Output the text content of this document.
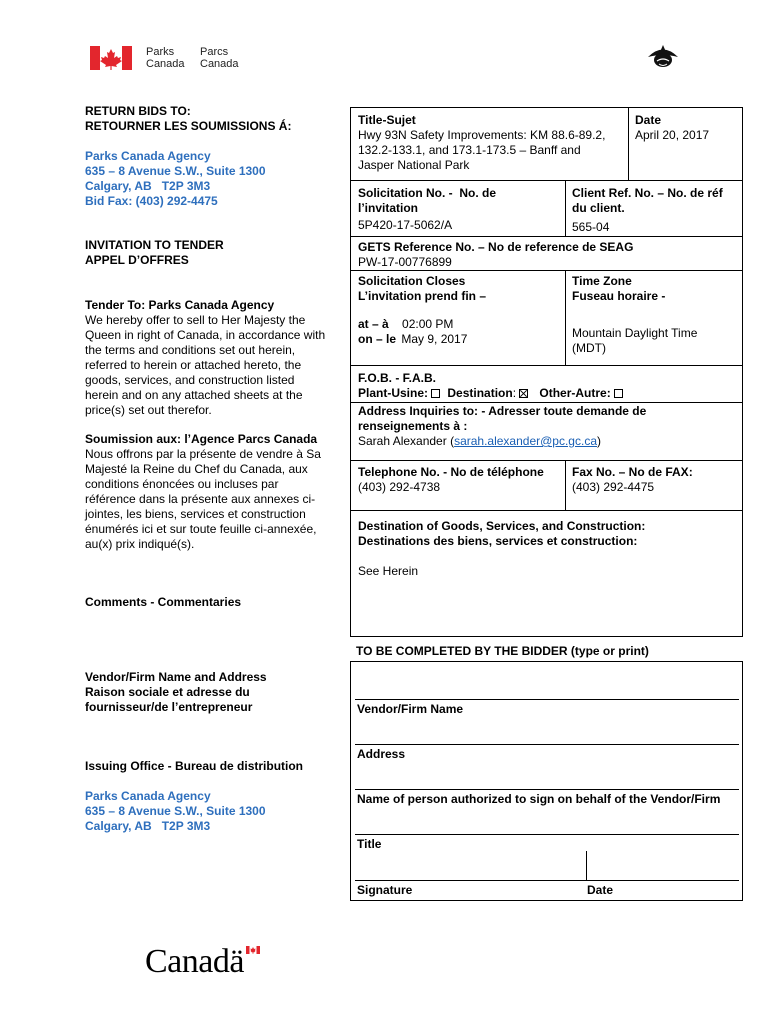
Parks
Canada
Parcs
Canada
RETURN BIDS TO:
RETOURNER LES SOUMISSIONS Á:
Parks Canada Agency
635 – 8 Avenue S.W., Suite 1300
Calgary, AB   T2P 3M3
Bid Fax: (403) 292-4475
INVITATION TO TENDER
APPEL D’OFFRES
Tender To: Parks Canada Agency
We hereby offer to sell to Her Majesty the
Queen in right of Canada, in accordance with
the terms and conditions set out herein,
referred to herein or attached hereto, the
goods, services, and construction listed
herein and on any attached sheets at the
price(s) set out therefor.
Soumission aux: l’Agence Parcs Canada
Nous offrons par la présente de vendre à Sa
Majesté la Reine du Chef du Canada, aux
conditions énoncées ou incluses par
référence dans la présente aux annexes ci-
jointes, les biens, services et construction
énumérés ici et sur toute feuille ci-annexée,
au(x) prix indiqué(s).
Comments - Commentaries
Vendor/Firm Name and Address
Raison sociale et adresse du
fournisseur/de l’entrepreneur
Issuing Office - Bureau de distribution
Parks Canada Agency
635 – 8 Avenue S.W., Suite 1300
Calgary, AB   T2P 3M3
Title-Sujet
Hwy 93N Safety Improvements: KM 88.6-89.2,
132.2-133.1, and 173.1-173.5 – Banff and
Jasper National Park
Date
April 20, 2017
Solicitation No. -  No. de
l’invitation
5P420-17-5062/A
Client Ref. No. – No. de réf
du client.
565-04
GETS Reference No. – No de reference de SEAG
PW-17-00776899
Solicitation Closes
L’invitation prend fin –
at – à 02:00 PM
on – le May 9, 2017
Time Zone
Fuseau horaire -
Mountain Daylight Time
(MDT)
F.O.B. - F.A.B.
Plant-Usine: Destination: Other-Autre:
Address Inquiries to: - Adresser toute demande de
renseignements à :
Sarah Alexander (sarah.alexander@pc.gc.ca)
Telephone No. - No de téléphone
(403) 292-4738
Fax No. – No de FAX:
(403) 292-4475
Destination of Goods, Services, and Construction:
Destinations des biens, services et construction:
See Herein
TO BE COMPLETED BY THE BIDDER (type or print)
Vendor/Firm Name
Address
Name of person authorized to sign on behalf of the Vendor/Firm
Title
Signature	Date
Canadä
